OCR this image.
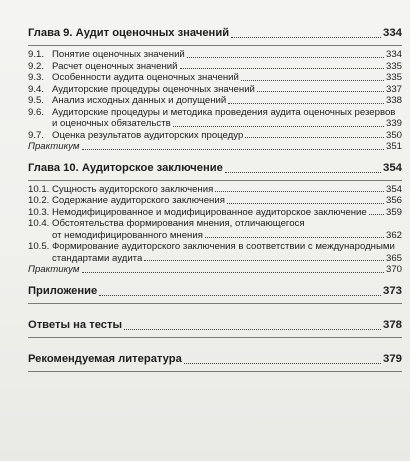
Глава 9. Аудит оценочных значений	334
9.1. Понятие оценочных значений	334
9.2. Расчет оценочных значений	335
9.3. Особенности аудита оценочных значений	335
9.4. Аудиторские процедуры оценочных значений	337
9.5. Анализ исходных данных и допущений	338
9.6. Аудиторские процедуры и методика проведения аудита оценочных резервов
и оценочных обязательств	339
9.7. Оценка результатов аудиторских процедур	350
Практикум	351
Глава 10. Аудиторское заключение	354
10.1. Сущность аудиторского заключения	354
10.2. Содержание аудиторского заключения	356
10.3. Немодифицированное и модифицированное аудиторское заключение 359
10.4. Обстоятельства формирования мнения, отличающегося
от немодифицированного мнения	362
10.5. Формирование аудиторского заключения в соответствии с международными
стандартами аудита	365
Практикум	370
Приложение	373
Ответы на тесты	378
Рекомендуемая литература	379
